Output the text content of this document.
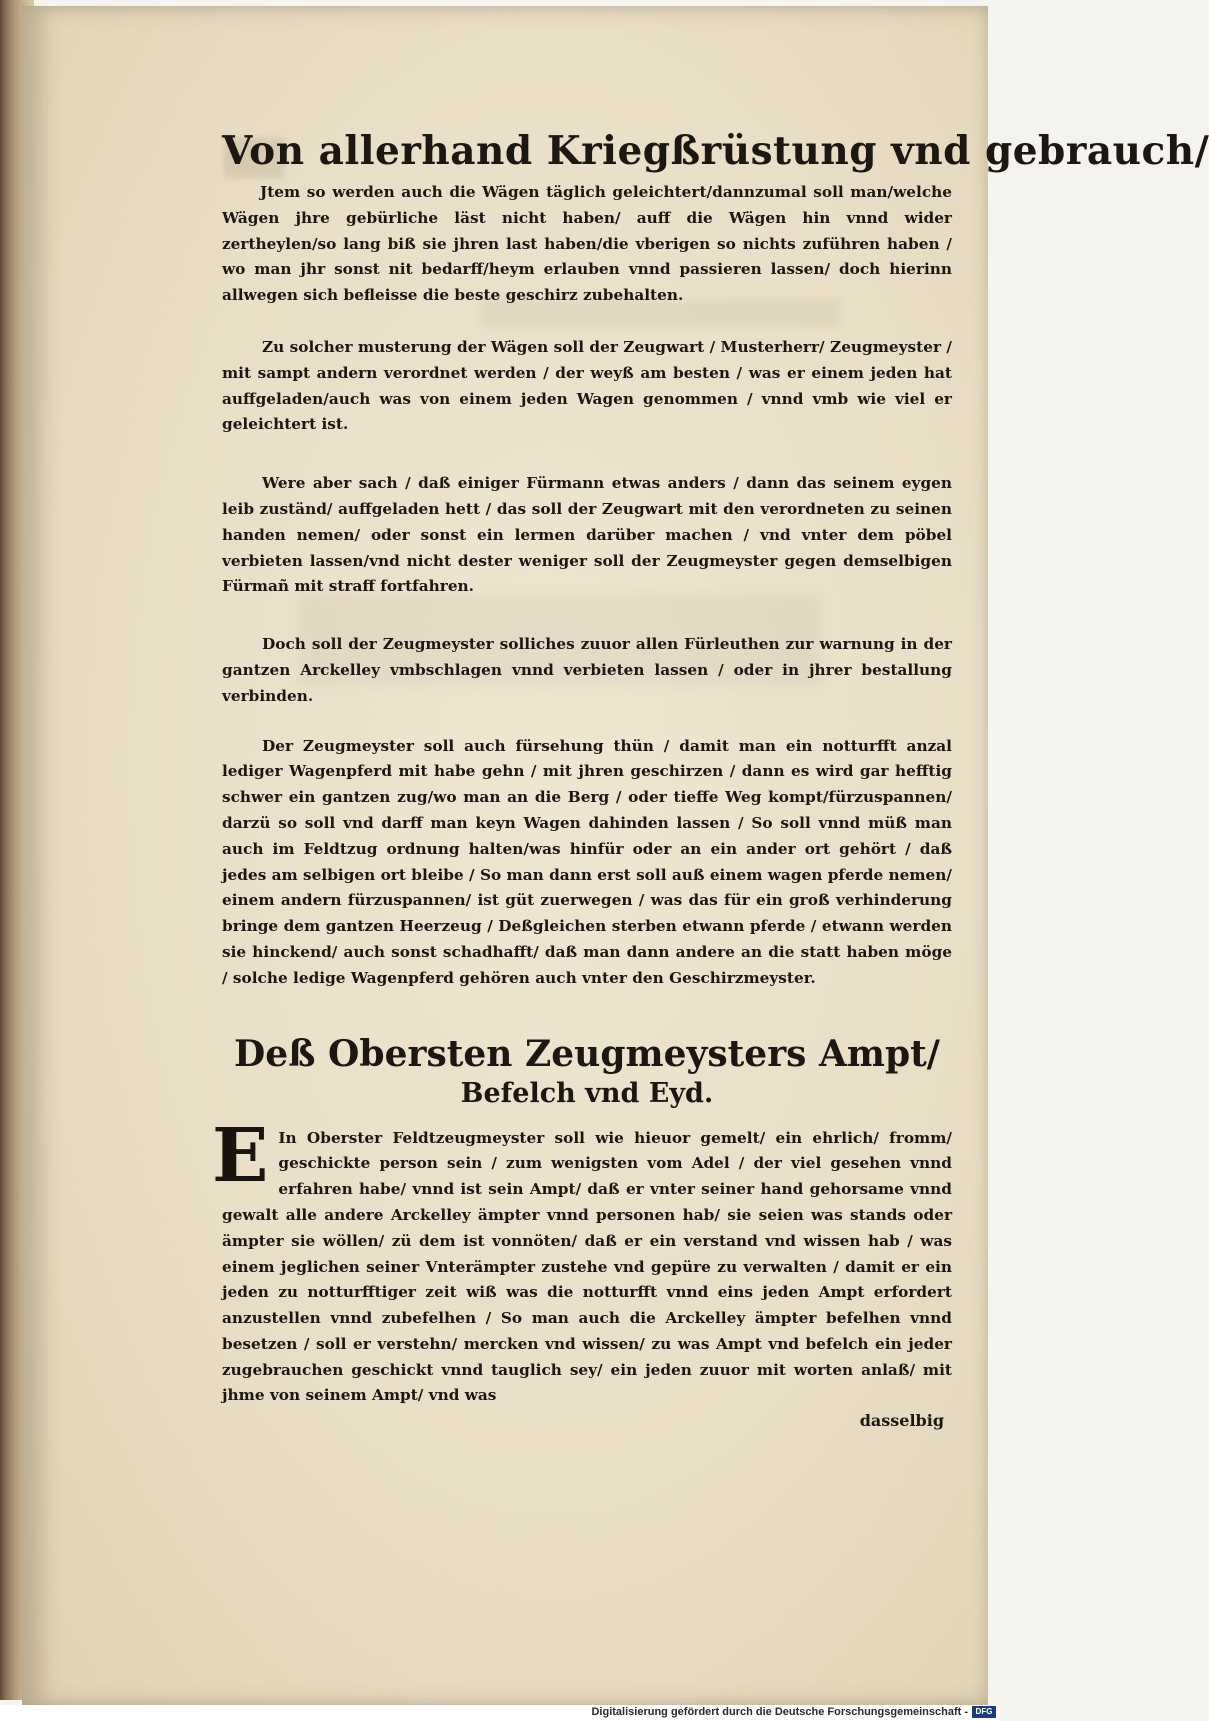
Von allerhand Kriegßrüstung vnd gebrauch/

Jtem so werden auch die Wägen täglich geleichtert/dannzumal soll man/welche Wägen jhre gebürliche läst nicht haben/ auff die Wägen hin vnnd wider zertheylen/so lang biß sie jhren last haben/die vberigen so nichts zuführen haben / wo man jhr sonst nit bedarff/heym erlauben vnnd passieren lassen/ doch hierinn allwegen sich befleisse die beste geschirz zubehalten.

Zu solcher musterung der Wägen soll der Zeugwart / Musterherr/ Zeugmeyster / mit sampt andern verordnet werden / der weyß am besten / was er einem jeden hat auffgeladen/auch was von einem jeden Wagen genommen / vnnd vmb wie viel er geleichtert ist.

Were aber sach / daß einiger Fürmann etwas anders / dann das seinem eygen leib zuständ/ auffgeladen hett / das soll der Zeugwart mit den verordneten zu seinen handen nemen/ oder sonst ein lermen darüber machen / vnd vnter dem pöbel verbieten lassen/vnd nicht dester weniger soll der Zeugmeyster gegen demselbigen Fürmañ mit straff fortfahren.

Doch soll der Zeugmeyster solliches zuuor allen Fürleuthen zur warnung in der gantzen Arckelley vmbschlagen vnnd verbieten lassen / oder in jhrer bestallung verbinden.

Der Zeugmeyster soll auch fürsehung thün / damit man ein notturfft anzal lediger Wagenpferd mit habe gehn / mit jhren geschirzen / dann es wird gar hefftig schwer ein gantzen zug/wo man an die Berg / oder tieffe Weg kompt/fürzuspannen/ darzü so soll vnd darff man keyn Wagen dahinden lassen / So soll vnnd müß man auch im Feldtzug ordnung halten/was hinfür oder an ein ander ort gehört / daß jedes am selbigen ort bleibe / So man dann erst soll auß einem wagen pferde nemen/ einem andern fürzuspannen/ ist güt zuerwegen / was das für ein groß verhinderung bringe dem gantzen Heerzeug / Deßgleichen sterben etwann pferde / etwann werden sie hinckend/ auch sonst schadhafft/ daß man dann andere an die statt haben möge / solche ledige Wagenpferd gehören auch vnter den Geschirzmeyster.

Deß Obersten Zeugmeysters Ampt/
Befelch vnd Eyd.

E In Oberster Feldtzeugmeyster soll wie hieuor gemelt/ ein ehrlich/ fromm/ geschickte person sein / zum wenigsten vom Adel / der viel gesehen vnnd erfahren habe/ vnnd ist sein Ampt/ daß er vnter seiner hand gehorsame vnnd gewalt alle andere Arckelley ämpter vnnd personen hab/ sie seien was stands oder ämpter sie wöllen/ zü dem ist vonnöten/ daß er ein verstand vnd wissen hab / was einem jeglichen seiner Vnterämpter zustehe vnd gepüre zu verwalten / damit er ein jeden zu notturfftiger zeit wiß was die notturfft vnnd eins jeden Ampt erfordert anzustellen vnnd zubefelhen / So man auch die Arckelley ämpter befelhen vnnd besetzen / soll er verstehn/ mercken vnd wissen/ zu was Ampt vnd befelch ein jeder zugebrauchen geschickt vnnd tauglich sey/ ein jeden zuuor mit worten anlaß/ mit jhme von seinem Ampt/ vnd was

dasselbig
Digitalisierung gefördert durch die Deutsche Forschungsgemeinschaft - DFG
